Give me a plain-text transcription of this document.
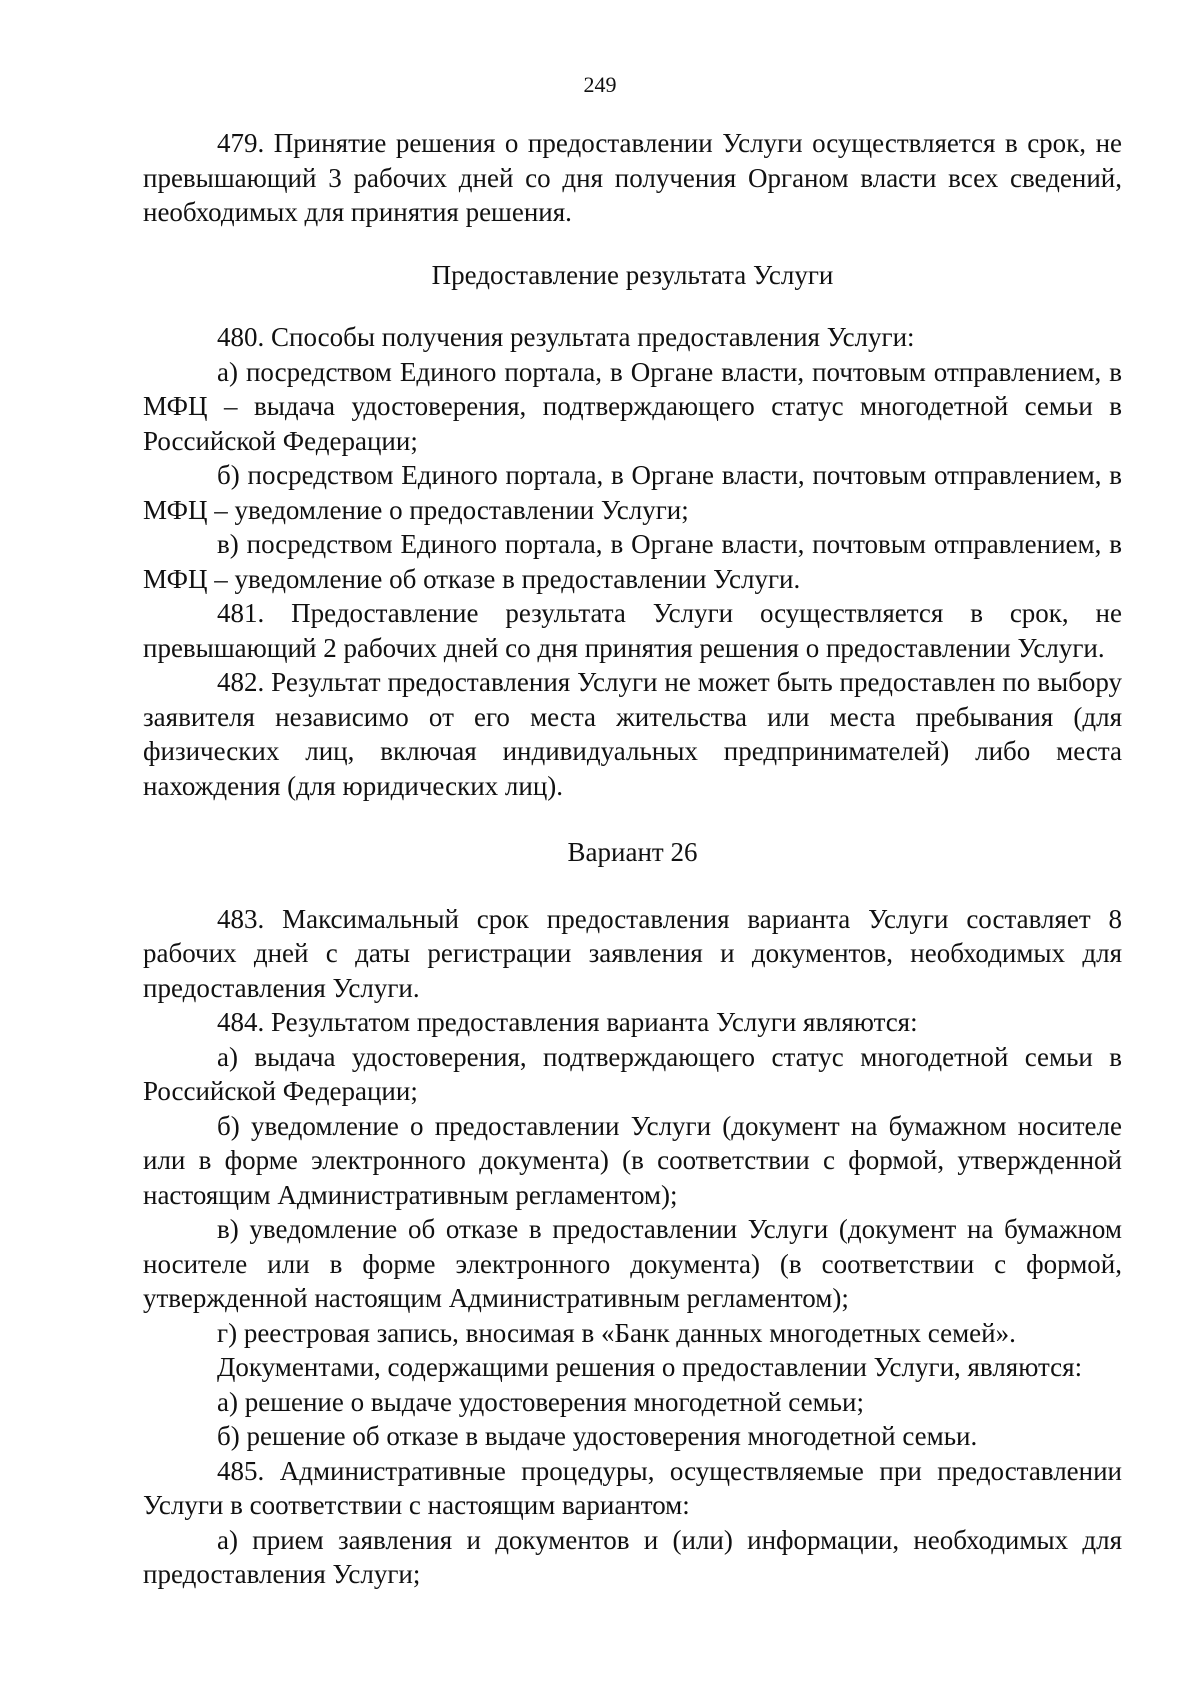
249

479. Принятие решения о предоставлении Услуги осуществляется в срок, не превышающий 3 рабочих дней со дня получения Органом власти всех сведений, необходимых для принятия решения.

Предоставление результата Услуги

480. Способы получения результата предоставления Услуги:

а) посредством Единого портала, в Органе власти, почтовым отправлением, в МФЦ – выдача удостоверения, подтверждающего статус многодетной семьи в Российской Федерации;

б) посредством Единого портала, в Органе власти, почтовым отправлением, в МФЦ – уведомление о предоставлении Услуги;

в) посредством Единого портала, в Органе власти, почтовым отправлением, в МФЦ – уведомление об отказе в предоставлении Услуги.

481. Предоставление результата Услуги осуществляется в срок, не превышающий 2 рабочих дней со дня принятия решения о предоставлении Услуги.

482. Результат предоставления Услуги не может быть предоставлен по выбору заявителя независимо от его места жительства или места пребывания (для физических лиц, включая индивидуальных предпринимателей) либо места нахождения (для юридических лиц).

Вариант 26

483. Максимальный срок предоставления варианта Услуги составляет 8 рабочих дней с даты регистрации заявления и документов, необходимых для предоставления Услуги.

484. Результатом предоставления варианта Услуги являются:

а) выдача удостоверения, подтверждающего статус многодетной семьи в Российской Федерации;

б) уведомление о предоставлении Услуги (документ на бумажном носителе или в форме электронного документа) (в соответствии с формой, утвержденной настоящим Административным регламентом);

в) уведомление об отказе в предоставлении Услуги (документ на бумажном носителе или в форме электронного документа) (в соответствии с формой, утвержденной настоящим Административным регламентом);

г) реестровая запись, вносимая в «Банк данных многодетных семей».

Документами, содержащими решения о предоставлении Услуги, являются:

а) решение о выдаче удостоверения многодетной семьи;

б) решение об отказе в выдаче удостоверения многодетной семьи.

485. Административные процедуры, осуществляемые при предоставлении Услуги в соответствии с настоящим вариантом:

а) прием заявления и документов и (или) информации, необходимых для предоставления Услуги;
